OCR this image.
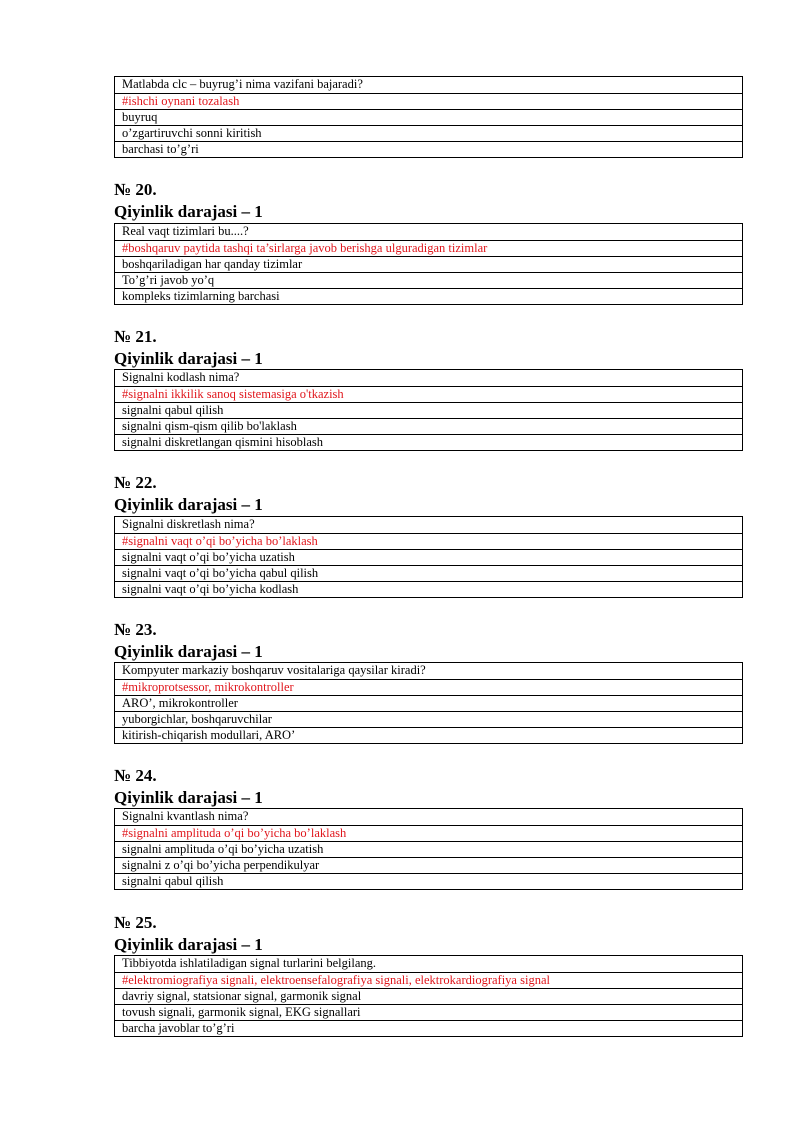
Matlabda clc – buyrug’i nima vazifani bajaradi?
#ishchi oynani tozalash
buyruq
o’zgartiruvchi sonni kiritish
barchasi to’g’ri
№ 20.
Qiyinlik darajasi – 1
Real vaqt tizimlari bu....?
#boshqaruv paytida tashqi ta’sirlarga javob berishga ulguradigan tizimlar
boshqariladigan har qanday tizimlar
To’g’ri javob yo’q
kompleks tizimlarning barchasi
№ 21.
Qiyinlik darajasi – 1
Signalni kodlash nima?
#signalni ikkilik sanoq sistemasiga o'tkazish
signalni qabul qilish
signalni qism-qism qilib bo'laklash
signalni diskretlangan qismini hisoblash
№ 22.
Qiyinlik darajasi – 1
Signalni diskretlash nima?
#signalni vaqt o’qi bo’yicha bo’laklash
signalni vaqt o’qi bo’yicha uzatish
signalni vaqt o’qi bo’yicha qabul qilish
signalni vaqt o’qi bo’yicha kodlash
№ 23.
Qiyinlik darajasi – 1
Kompyuter markaziy boshqaruv vositalariga qaysilar kiradi?
#mikroprotsessor, mikrokontroller
ARO’, mikrokontroller
yuborgichlar, boshqaruvchilar
kitirish-chiqarish modullari, ARO’
№ 24.
Qiyinlik darajasi – 1
Signalni kvantlash nima?
#signalni amplituda o’qi bo’yicha bo’laklash
signalni amplituda o’qi bo’yicha uzatish
signalni z o’qi bo’yicha perpendikulyar
signalni qabul qilish
№ 25.
Qiyinlik darajasi – 1
Tibbiyotda ishlatiladigan signal turlarini belgilang.
#elektromiografiya signali, elektroensefalografiya signali, elektrokardiografiya signal
davriy signal, statsionar signal, garmonik signal
tovush signali, garmonik signal, EKG signallari
barcha javoblar to’g’ri
